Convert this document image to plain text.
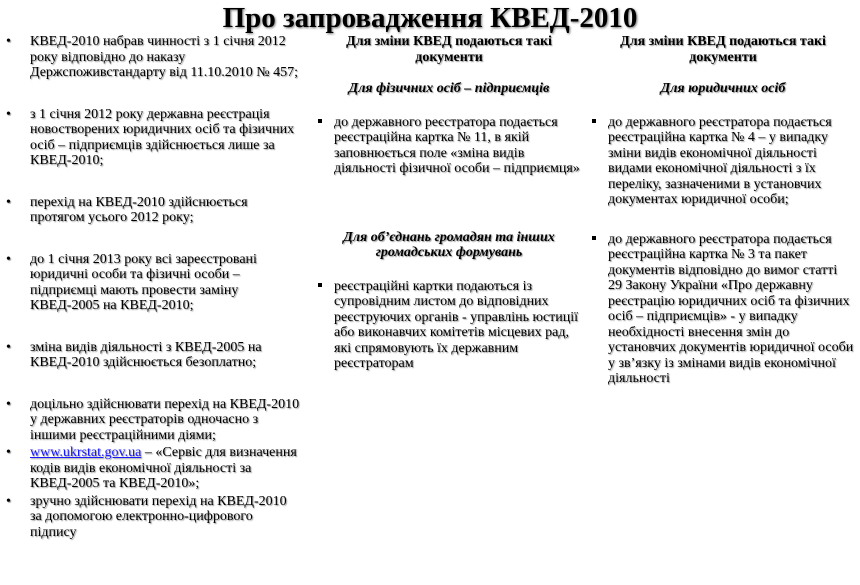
Про запровадження КВЕД-2010
• КВЕД-2010 набрав чинності з 1 січня 2012 року відповідно до наказу Держспоживстандарту від 11.10.2010 № 457;
• з 1 січня 2012 року державна реєстрація новостворених юридичних осіб та фізичних осіб – підприємців здійснюється лише за КВЕД-2010;
• перехід на КВЕД-2010 здійснюється протягом усього 2012 року;
• до 1 січня 2013 року всі зареєстровані юридичні особи та фізичні особи – підприємці мають провести заміну КВЕД-2005 на КВЕД-2010;
• зміна видів діяльності з КВЕД-2005 на КВЕД-2010 здійснюється безоплатно;
• доцільно здійснювати перехід на КВЕД-2010 у державних реєстраторів одночасно з іншими реєстраційними діями;
• www.ukrstat.gov.ua – «Сервіс для визначення кодів видів економічної діяльності за КВЕД-2005 та КВЕД-2010»;
• зручно здійснювати перехід на КВЕД-2010 за допомогою електронно-цифрового підпису
Для зміни КВЕД подаються такі документи
Для фізичних осіб – підприємців
до державного реєстратора подається реєстраційна картка № 11, в якій заповнюється поле «зміна видів діяльності фізичної особи – підприємця»
Для об’єднань громадян та інших громадських формувань
реєстраційні картки подаються із супровідним листом до відповідних реєструючих органів - управлінь юстиції або виконавчих комітетів місцевих рад, які спрямовують їх державним реєстраторам
Для зміни КВЕД подаються такі документи
Для юридичних осіб
до державного реєстратора подається реєстраційна картка № 4 – у випадку зміни видів економічної діяльності видами економічної діяльності з їх переліку, зазначеними в установчих документах юридичної особи;
до державного реєстратора подається реєстраційна картка № 3 та пакет документів відповідно до вимог статті 29 Закону України «Про державну реєстрацію юридичних осіб та фізичних осіб – підприємців» - у випадку необхідності внесення змін до установчих документів юридичної особи у зв’язку із змінами видів економічної діяльності
